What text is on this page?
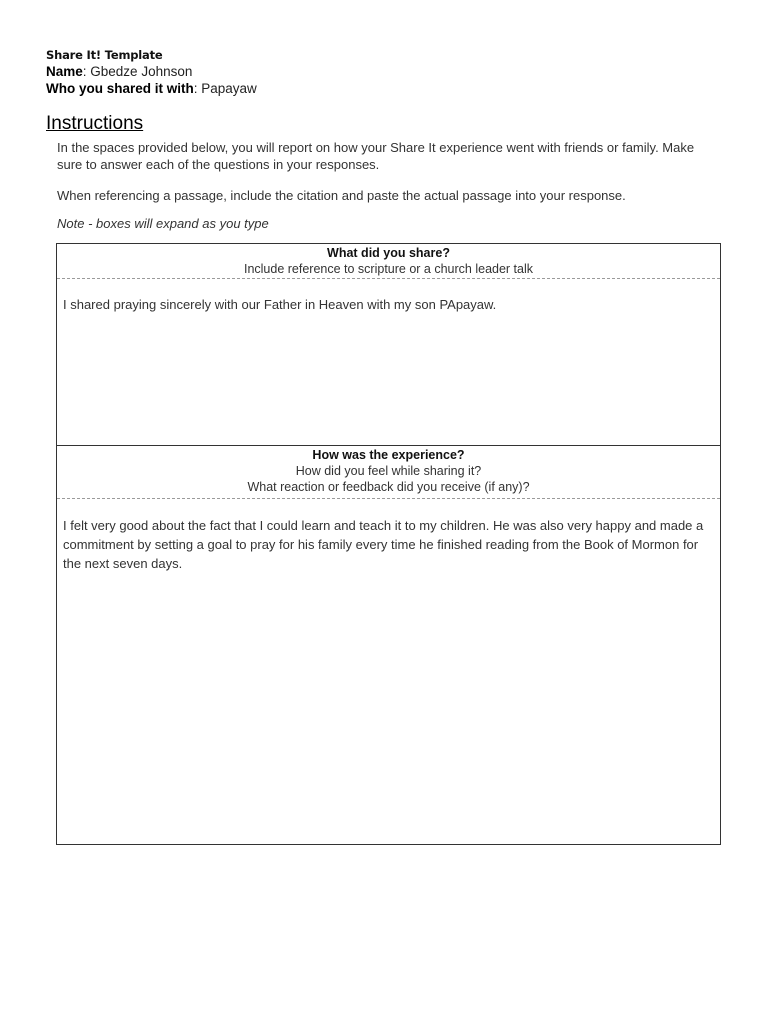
Share It! Template
Name: Gbedze Johnson
Who you shared it with: Papayaw
Instructions

In the spaces provided below, you will report on how your Share It experience went with friends or family. Make sure to answer each of the questions in your responses.

When referencing a passage, include the citation and paste the actual passage into your response.

Note - boxes will expand as you type

What did you share?
Include reference to scripture or a church leader talk
I shared praying sincerely with our Father in Heaven with my son PApayaw.
How was the experience?
How did you feel while sharing it?
What reaction or feedback did you receive (if any)?
I felt very good about the fact that I could learn and teach it to my children. He was also very happy and made a commitment by setting a goal to pray for his family every time he finished reading from the Book of Mormon for the next seven days.
